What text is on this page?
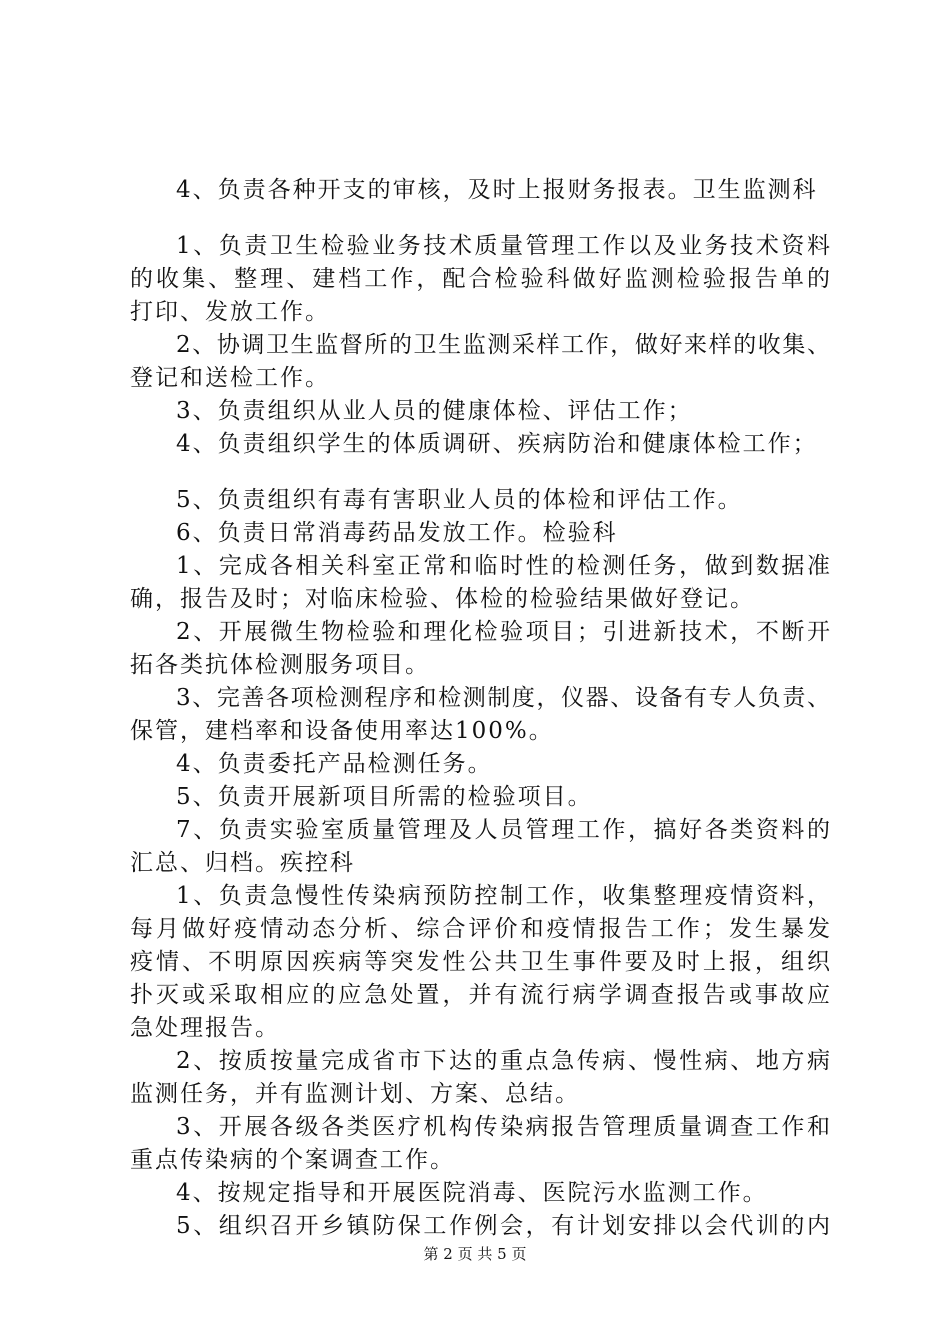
4、负责各种开支的审核，及时上报财务报表。卫生监测科
1、负责卫生检验业务技术质量管理工作以及业务技术资料
的收集、整理、建档工作，配合检验科做好监测检验报告单的
打印、发放工作。
2、协调卫生监督所的卫生监测采样工作，做好来样的收集、
登记和送检工作。
3、负责组织从业人员的健康体检、评估工作；
4、负责组织学生的体质调研、疾病防治和健康体检工作；
5、负责组织有毒有害职业人员的体检和评估工作。
6、负责日常消毒药品发放工作。检验科
1、完成各相关科室正常和临时性的检测任务，做到数据准
确，报告及时；对临床检验、体检的检验结果做好登记。
2、开展微生物检验和理化检验项目；引进新技术，不断开
拓各类抗体检测服务项目。
3、完善各项检测程序和检测制度，仪器、设备有专人负责、
保管，建档率和设备使用率达100%。
4、负责委托产品检测任务。
5、负责开展新项目所需的检验项目。
7、负责实验室质量管理及人员管理工作，搞好各类资料的
汇总、归档。疾控科
1、负责急慢性传染病预防控制工作，收集整理疫情资料，
每月做好疫情动态分析、综合评价和疫情报告工作；发生暴发
疫情、不明原因疾病等突发性公共卫生事件要及时上报，组织
扑灭或采取相应的应急处置，并有流行病学调查报告或事故应
急处理报告。
2、按质按量完成省市下达的重点急传病、慢性病、地方病
监测任务，并有监测计划、方案、总结。
3、开展各级各类医疗机构传染病报告管理质量调查工作和
重点传染病的个案调查工作。
4、按规定指导和开展医院消毒、医院污水监测工作。
5、组织召开乡镇防保工作例会，有计划安排以会代训的内
第 2 页 共 5 页
